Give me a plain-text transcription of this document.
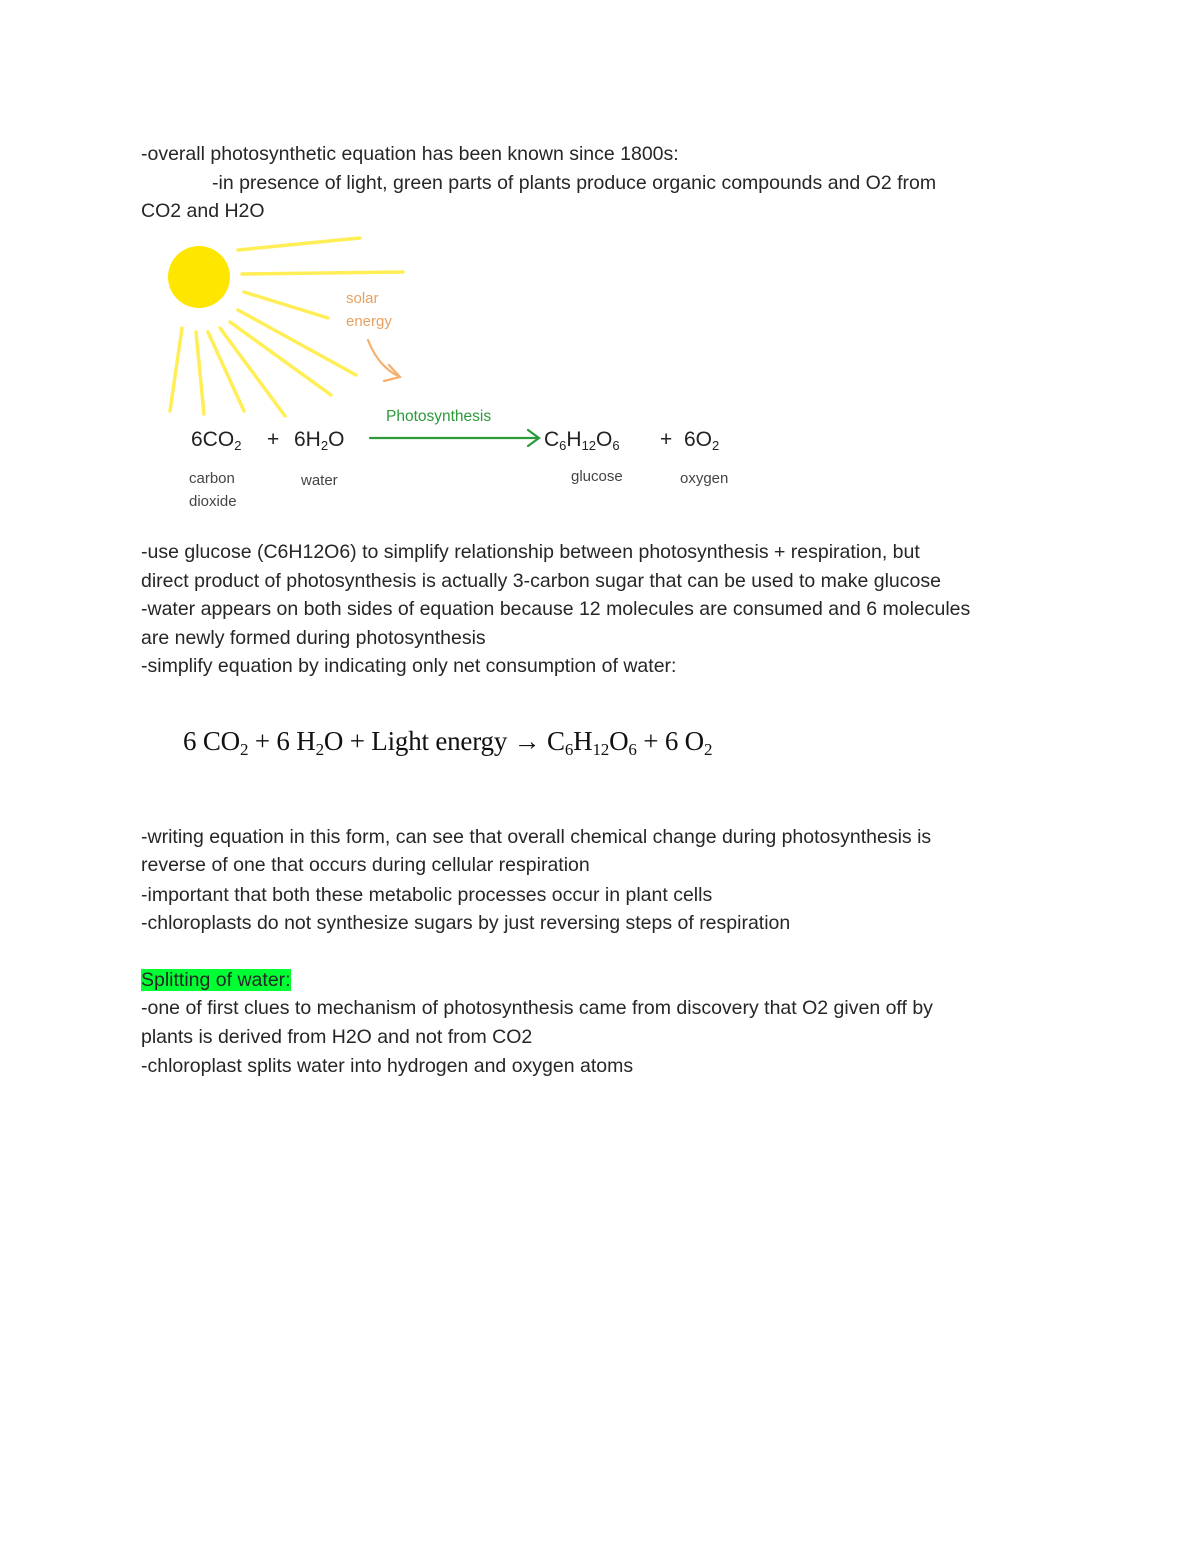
-overall photosynthetic equation has been known since 1800s:
-in presence of light, green parts of plants produce organic compounds and O2 from
CO2 and H2O
solar
energy
Photosynthesis
$6CO_2 + 6H_2O$	$C_6H_{12}O_6 + 6O_2$
carbon
dioxide
water	glucose	oxygen
-use glucose (C6H12O6) to simplify relationship between photosynthesis + respiration, but
direct product of photosynthesis is actually 3-carbon sugar that can be used to make glucose
-water appears on both sides of equation because 12 molecules are consumed and 6 molecules
are newly formed during photosynthesis
-simplify equation by indicating only net consumption of water:
6 $CO_2 + 6$ $H_2O$ + Light energy → $C_6H_{12}O_6 + 6$ $O_2$
-writing equation in this form, can see that overall chemical change during photosynthesis is
reverse of one that occurs during cellular respiration
-important that both these metabolic processes occur in plant cells
-chloroplasts do not synthesize sugars by just reversing steps of respiration
Splitting of water:
-one of first clues to mechanism of photosynthesis came from discovery that O2 given off by
plants is derived from H2O and not from CO2
-chloroplast splits water into hydrogen and oxygen atoms
